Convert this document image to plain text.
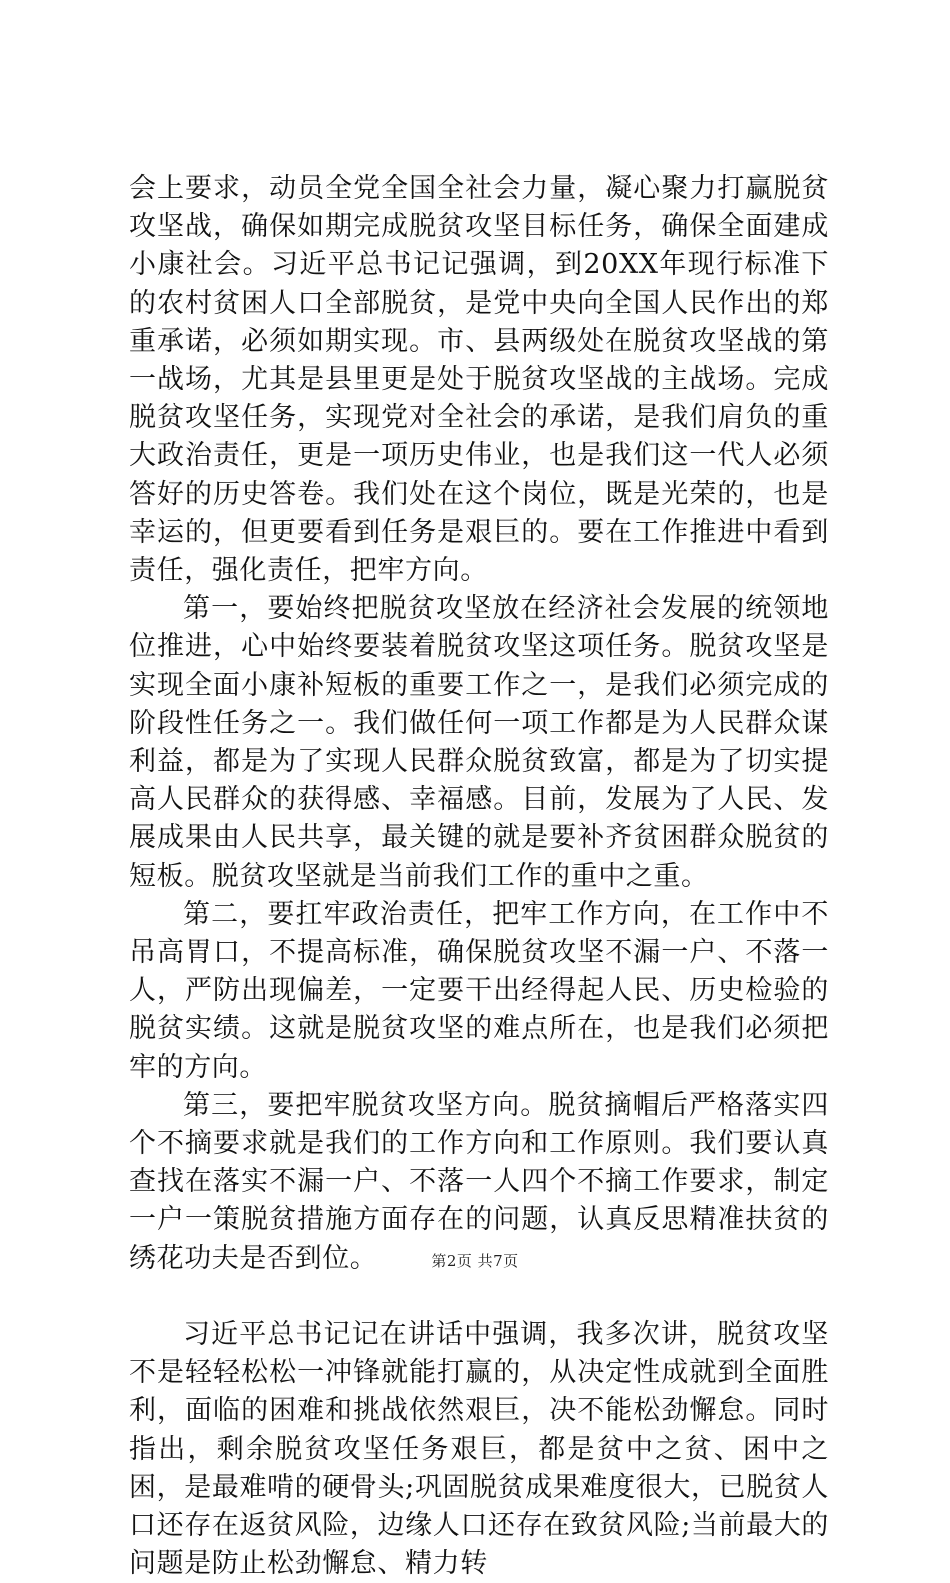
会上要求，动员全党全国全社会力量，凝心聚力打赢脱贫攻坚战，确保如期完成脱贫攻坚目标任务，确保全面建成小康社会。习近平总书记记强调，到20XX年现行标准下的农村贫困人口全部脱贫，是党中央向全国人民作出的郑重承诺，必须如期实现。市、县两级处在脱贫攻坚战的第一战场，尤其是县里更是处于脱贫攻坚战的主战场。完成脱贫攻坚任务，实现党对全社会的承诺，是我们肩负的重大政治责任，更是一项历史伟业，也是我们这一代人必须答好的历史答卷。我们处在这个岗位，既是光荣的，也是幸运的，但更要看到任务是艰巨的。要在工作推进中看到责任，强化责任，把牢方向。

第一，要始终把脱贫攻坚放在经济社会发展的统领地位推进，心中始终要装着脱贫攻坚这项任务。脱贫攻坚是实现全面小康补短板的重要工作之一，是我们必须完成的阶段性任务之一。我们做任何一项工作都是为人民群众谋利益，都是为了实现人民群众脱贫致富，都是为了切实提高人民群众的获得感、幸福感。目前，发展为了人民、发展成果由人民共享，最关键的就是要补齐贫困群众脱贫的短板。脱贫攻坚就是当前我们工作的重中之重。

第二，要扛牢政治责任，把牢工作方向，在工作中不吊高胃口，不提高标准，确保脱贫攻坚不漏一户、不落一人，严防出现偏差，一定要干出经得起人民、历史检验的脱贫实绩。这就是脱贫攻坚的难点所在，也是我们必须把牢的方向。

第三，要把牢脱贫攻坚方向。脱贫摘帽后严格落实四个不摘要求就是我们的工作方向和工作原则。我们要认真查找在落实不漏一户、不落一人四个不摘工作要求，制定一户一策脱贫措施方面存在的问题，认真反思精准扶贫的绣花功夫是否到位。

习近平总书记记在讲话中强调，我多次讲，脱贫攻坚不是轻轻松松一冲锋就能打赢的，从决定性成就到全面胜利，面临的困难和挑战依然艰巨，决不能松劲懈怠。同时指出，剩余脱贫攻坚任务艰巨，都是贫中之贫、困中之困，是最难啃的硬骨头;巩固脱贫成果难度很大，已脱贫人口还存在返贫风险，边缘人口还存在致贫风险;当前最大的问题是防止松劲懈怠、精力转

第2页 共7页
